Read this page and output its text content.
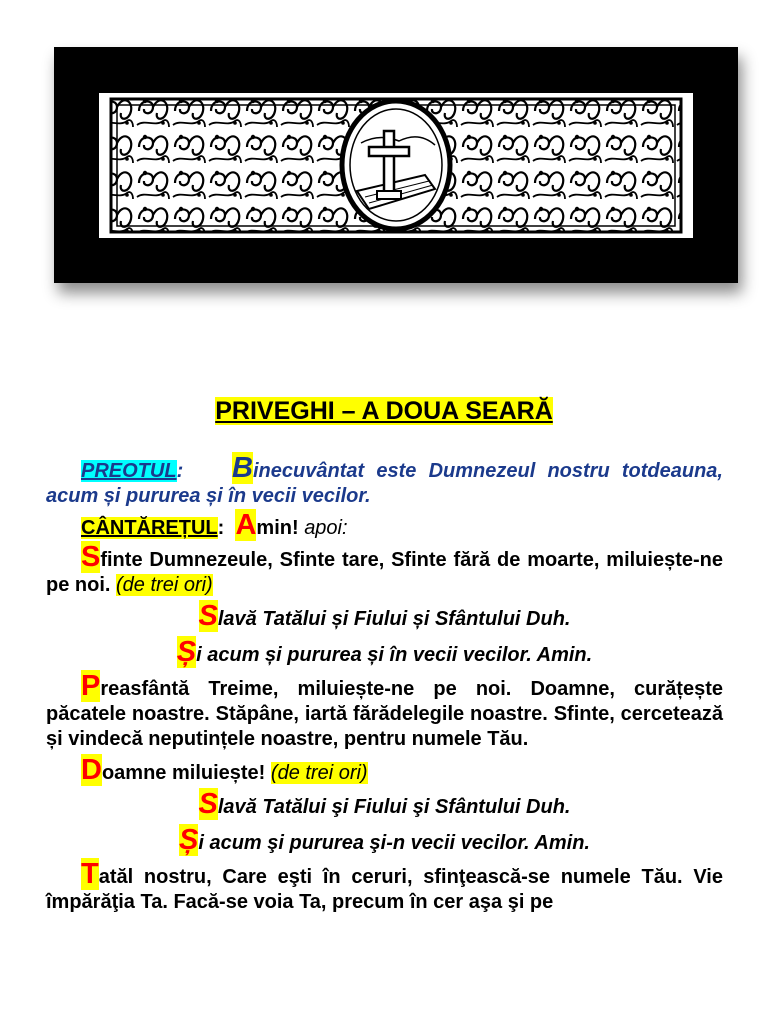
PRIVEGHI – A DOUA SEARĂ

PREOTUL: Binecuvântat este Dumnezeul nostru totdeauna, acum și pururea și în vecii vecilor.

CÂNTĂREȚUL: Amin! apoi:

Sfinte Dumnezeule, Sfinte tare, Sfinte fără de moarte, miluiește-ne pe noi. (de trei ori)

Slavă Tatălui și Fiului și Sfântului Duh.

Și acum și pururea și în vecii vecilor. Amin.

Preasfântă Treime, miluiește-ne pe noi. Doamne, curățește păcatele noastre. Stăpâne, iartă fărădelegile noastre. Sfinte, cercetează și vindecă neputințele noastre, pentru numele Tău.

Doamne miluiește! (de trei ori)

Slavă Tatălui şi Fiului şi Sfântului Duh.

Și acum şi pururea şi-n vecii vecilor. Amin.

Tatăl nostru, Care eşti în ceruri, sfinţească-se numele Tău. Vie împărăţia Ta. Facă-se voia Ta, precum în cer aşa şi pe
